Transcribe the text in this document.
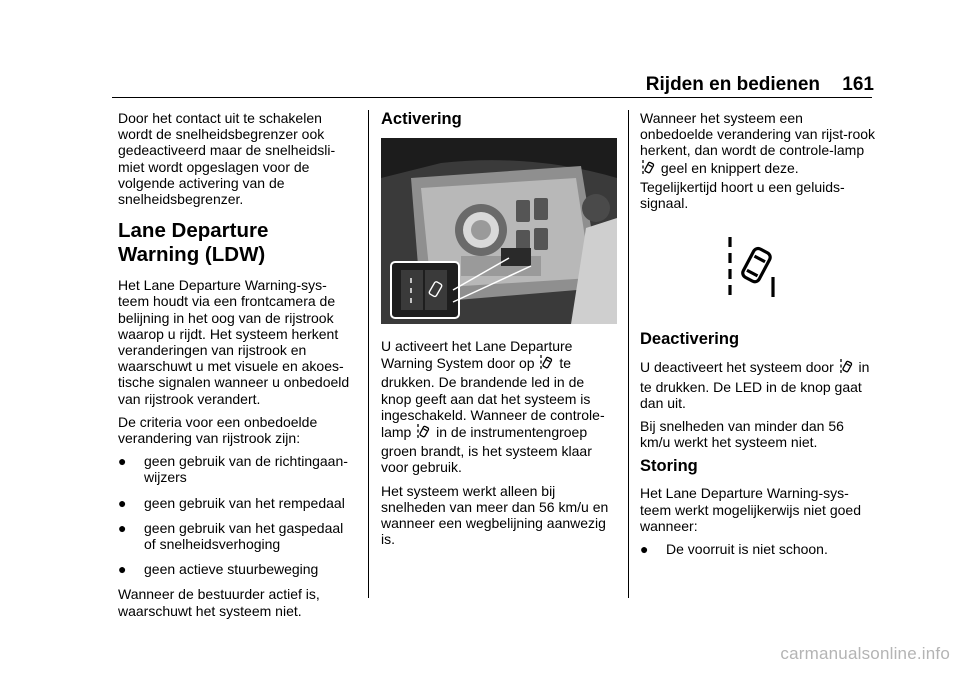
Rijden en bedienen	161

Door het contact uit te schakelen wordt de snelheidsbegrenzer ook gedeactiveerd maar de snelheidsli-miet wordt opgeslagen voor de volgende activering van de snelheidsbegrenzer.

Lane Departure Warning (LDW)

Het Lane Departure Warning-sys-teem houdt via een frontcamera de belijning in het oog van de rijstrook waarop u rijdt. Het systeem herkent veranderingen van rijstrook en waarschuwt u met visuele en akoes-tische signalen wanneer u onbedoeld van rijstrook verandert.

De criteria voor een onbedoelde verandering van rijstrook zijn:

● geen gebruik van de richtingaan-wijzers
● geen gebruik van het rempedaal
● geen gebruik van het gaspedaal of snelheidsverhoging
● geen actieve stuurbeweging

Wanneer de bestuurder actief is, waarschuwt het systeem niet.

Activering

U activeert het Lane Departure Warning System door op te drukken. De brandende led in de knop geeft aan dat het systeem is ingeschakeld. Wanneer de controle-lamp in de instrumentengroep groen brandt, is het systeem klaar voor gebruik.

Het systeem werkt alleen bij snelheden van meer dan 56 km/u en wanneer een wegbelijning aanwezig is.

Wanneer het systeem een onbedoelde verandering van rijst-rook herkent, dan wordt de controle-lamp  geel en knippert deze. Tegelijkertijd hoort u een geluids-signaal.

Deactivering

U deactiveert het systeem door in te drukken. De LED in de knop gaat dan uit.

Bij snelheden van minder dan 56 km/u werkt het systeem niet.

Storing

Het Lane Departure Warning-sys-teem werkt mogelijkerwijs niet goed wanneer:

● De voorruit is niet schoon.
carmanualsonline.info
